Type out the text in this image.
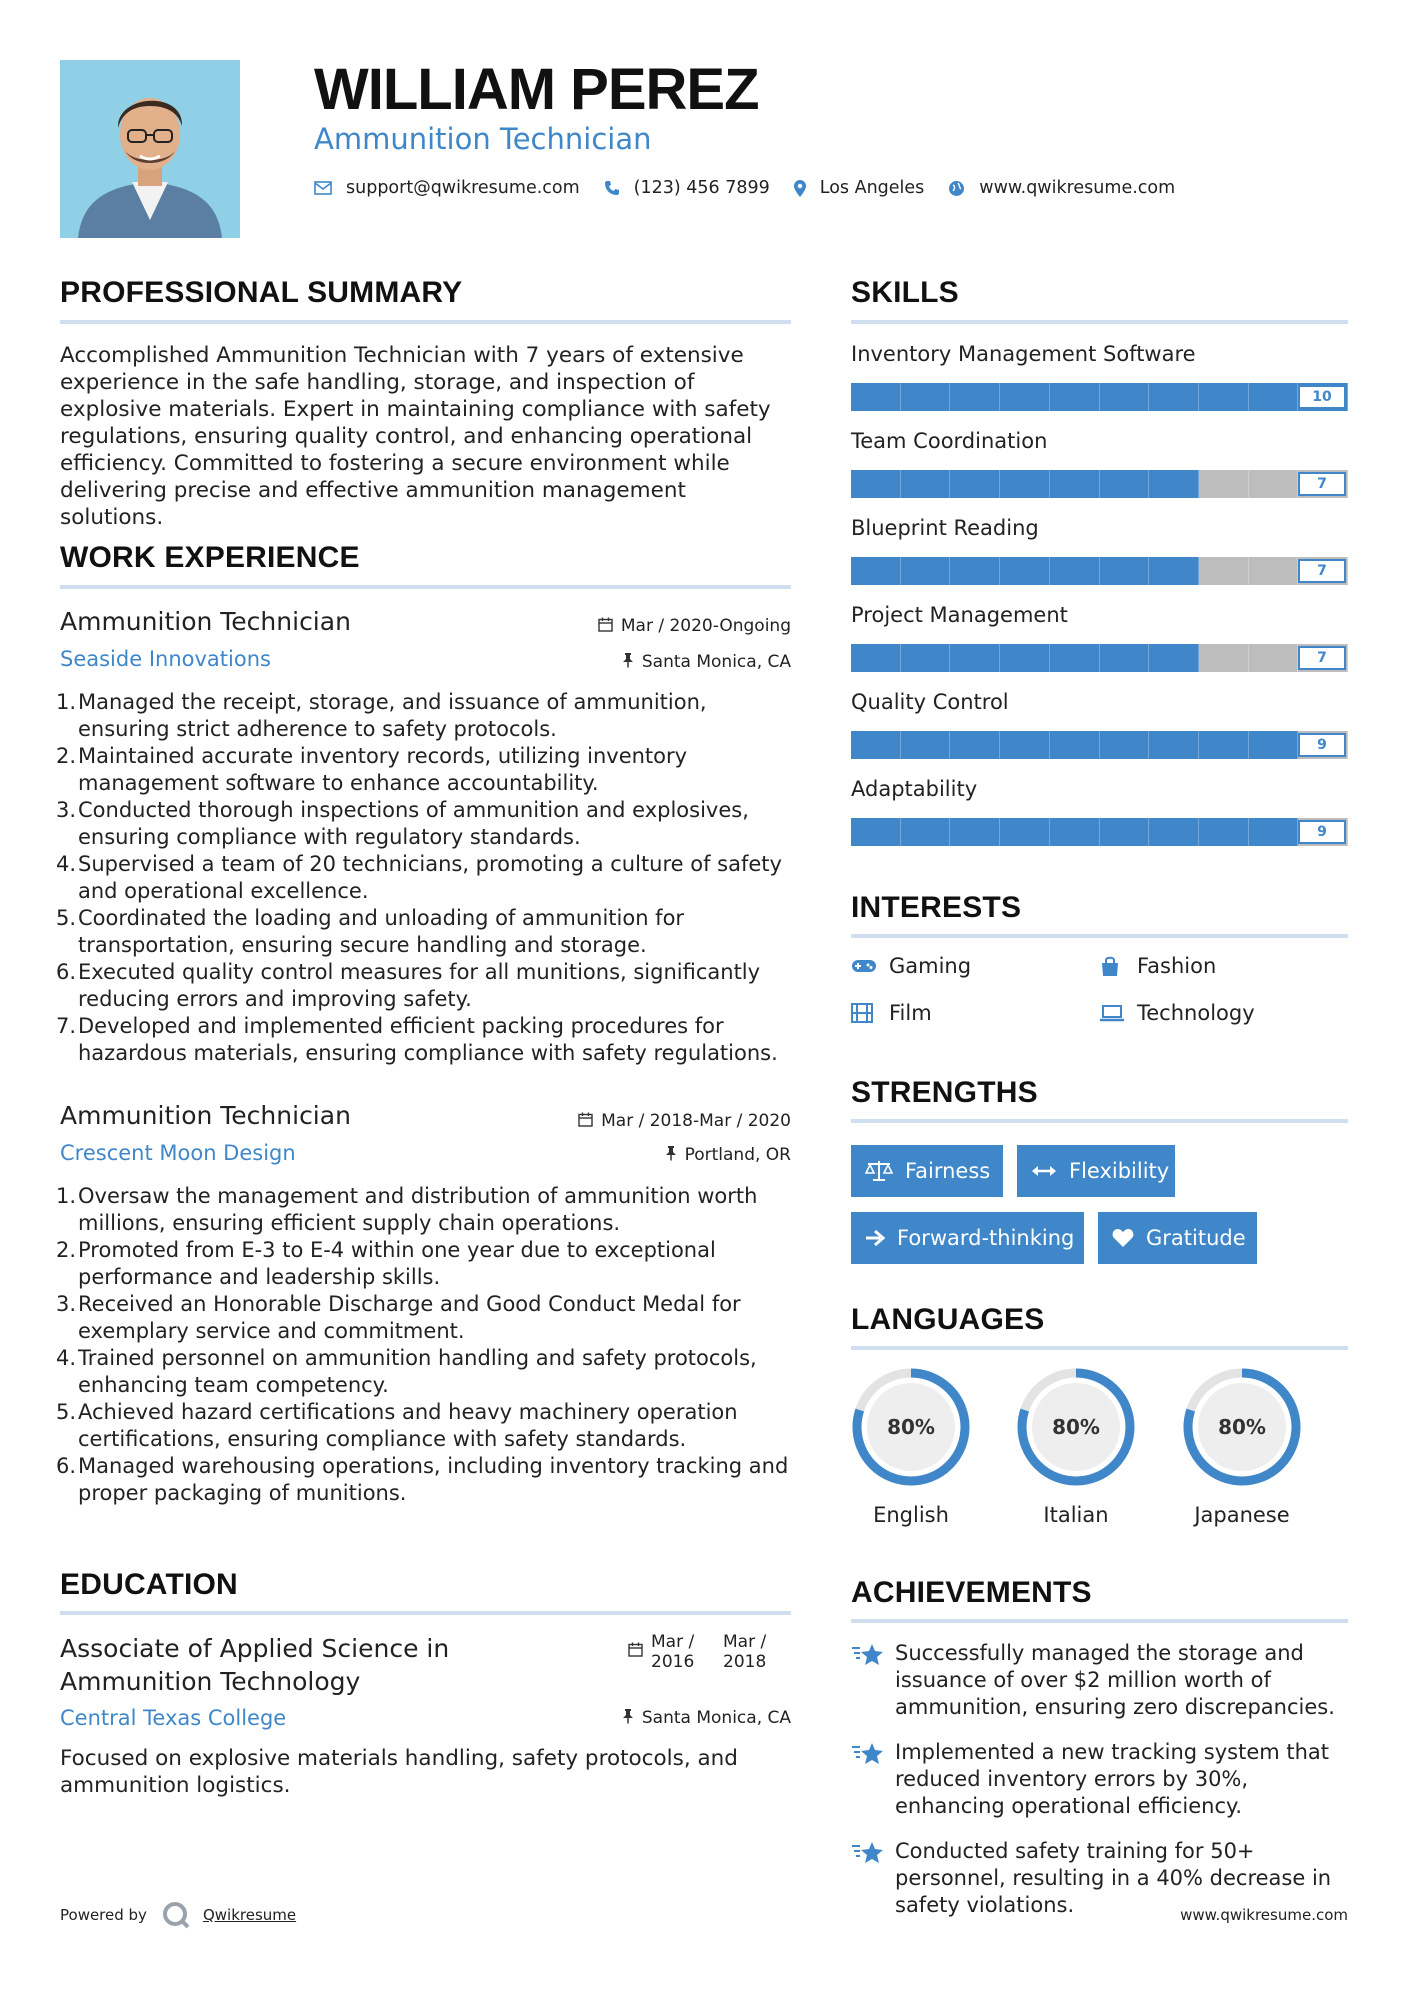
WILLIAM PEREZ
Ammunition Technician
support@qwikresume.com	(123) 456 7899	Los Angeles	www.qwikresume.com
PROFESSIONAL SUMMARY
Accomplished Ammunition Technician with 7 years of extensive experience in the safe handling, storage, and inspection of explosive materials. Expert in maintaining compliance with safety regulations, ensuring quality control, and enhancing operational efficiency. Committed to fostering a secure environment while delivering precise and effective ammunition management solutions.
WORK EXPERIENCE
Ammunition Technician	Mar / 2020-Ongoing
Seaside Innovations	Santa Monica, CA
1. Managed the receipt, storage, and issuance of ammunition, ensuring strict adherence to safety protocols.
2. Maintained accurate inventory records, utilizing inventory management software to enhance accountability.
3. Conducted thorough inspections of ammunition and explosives, ensuring compliance with regulatory standards.
4. Supervised a team of 20 technicians, promoting a culture of safety and operational excellence.
5. Coordinated the loading and unloading of ammunition for transportation, ensuring secure handling and storage.
6. Executed quality control measures for all munitions, significantly reducing errors and improving safety.
7. Developed and implemented efficient packing procedures for hazardous materials, ensuring compliance with safety regulations.
Ammunition Technician	Mar / 2018-Mar / 2020
Crescent Moon Design	Portland, OR
1. Oversaw the management and distribution of ammunition worth millions, ensuring efficient supply chain operations.
2. Promoted from E-3 to E-4 within one year due to exceptional performance and leadership skills.
3. Received an Honorable Discharge and Good Conduct Medal for exemplary service and commitment.
4. Trained personnel on ammunition handling and safety protocols, enhancing team competency.
5. Achieved hazard certifications and heavy machinery operation certifications, ensuring compliance with safety standards.
6. Managed warehousing operations, including inventory tracking and proper packaging of munitions.
EDUCATION
Associate of Applied Science in Ammunition Technology
Mar / 2016
Mar / 2018
Central Texas College	Santa Monica, CA
Focused on explosive materials handling, safety protocols, and ammunition logistics.
SKILLS
Inventory Management Software
10
Team Coordination
7
Blueprint Reading
7
Project Management
7
Quality Control
9
Adaptability
9
INTERESTS
Gaming	Fashion
Film	Technology
STRENGTHS
Fairness	Flexibility
Forward-thinking	Gratitude
LANGUAGES
80%
English
80%
Italian
80%
Japanese
ACHIEVEMENTS
Successfully managed the storage and issuance of over $2 million worth of ammunition, ensuring zero discrepancies.
Implemented a new tracking system that reduced inventory errors by 30%, enhancing operational efficiency.
Conducted safety training for 50+ personnel, resulting in a 40% decrease in safety violations.
Powered by	Qwikresume	www.qwikresume.com
